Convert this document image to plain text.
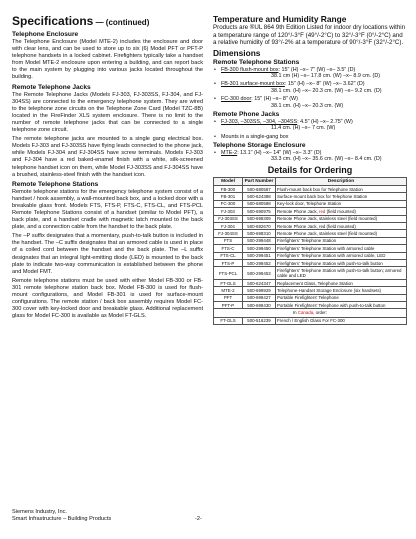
Specifications — (continued)
Telephone Enclosure

The Telephone Enclosure (Model MTE-2) includes the enclosure and door with clear lens, and can be used to store up to six (6) Model PFT or PFT-P telephone handsets in a locked cabinet. Firefighters typically take a handset from Model MTE-2 enclosure upon entering a building, and can report back to the main system by plugging into various jacks located throughout the building.

Remote Telephone Jacks

The Remote Telephone Jacks (Models FJ-303, FJ-303SS, FJ-304, and FJ-304SS) are connected to the emergency telephone system. They are wired to the telephone zone circuits on the Telephone Zone Card (Model TZC-8B) located in the FireFinder XLS system enclosure. There is no limit to the number of remote telephone jacks that can be connected to a single telephone zone circuit.

The remote telephone jacks are mounted to a single gang electrical box. Models FJ-303 and FJ-303SS have flying leads connected to the phone jack, while Models FJ-304 and FJ-304SS have screw terminals. Models FJ-303 and FJ-304 have a red baked-enamel finish with a white, silk-screened telephone handset icon on them, while Model FJ-303SS and FJ-304SS have a brushed, stainless-steel finish with the handset icon.

Remote Telephone Stations

Remote telephone stations for the emergency telephone system consist of a handset / hook assembly, a wall-mounted back box, and a locked door with a breakable glass front. Models FTS, FTS-P, FTS-C, FTS-CL, and FTS-PCL Remote Telephone Stations consist of a handset (similar to Model PFT), a back plate, and a handset cradle with magnetic latch mounted to the back plate, and a connection cable from the handset to the back plate.

The –P suffix designates that a momentary, push-to-talk button is included in the handset. The –C suffix designates that an armored cable is used in place of a coiled cord between the handset and the back plate. The –L suffix designates that an integral light-emitting diode (LED) is mounted to the back plate to indicate two-way communication is established between the phone and Model FMT.

Remote telephone stations must be used with either Model FB-300 or FB-301 remote telephone station back box. Model FB-300 is used for flush-mount configurations, and Model FB-301 is used for surface-mount configurations. The remote station / back box assembly requires Model FC-300 cover with key-locked door and breakable glass. Additional replacement glass for Model FC-300 is available as Model FT-GLS.

Temperature and Humidity Range

Products are ®UL 864 9th Edition Listed for indoor dry locations within a temperature range of 120°/-3°F (49°/-2°C) to 32°/-3°F (0°/-2°C) and a relative humidity of 93°/-2% at a temperature of 90°/-3°F (32°/-2°C).

Dimensions
Remote Telephone Stations
• FB-300 flush-mount box: 15" (H) –x– 7" (W) –x– 3.5" (D)
38.1 cm (H) –x– 17.8 cm. (W) –x– 8.9 cm. (D)
• FB-301 surface-mount box: 15" (H) –x– 8" (W) –x– 3.62" (D)
38.1 cm. (H) –x– 20.3 cm. (W) –x– 9.2 cm. (D)
• FC-300 door: 15" (H) –x– 8" (W)
38.1 cm. (H) –x– 20.3 cm. (W)
Remote Phone Jacks
• FJ-303, –303SS, –304, –304SS: 4.5" (H) –x– 2.75" (W)
11.4 cm. (H) –x– 7 cm. (W)
• Mounts in a single-gang box
Telephone Storage Enclosure
• MTE-2: 13.1" (H) –x– 14" (W) –x– 3.3" (D)
33.3 cm. (H) –x– 35.6 cm. (W) –x– 8.4 cm. (D)
Details for Ordering
Model	Part Number	Description
FB-300	500-680587	Flush-mount back box for Telephone Station
FB-301	500-624388	Surface-mount back box for Telephone Station
FC-300	500-680588	Key-lock door, Telephone Station
FJ-303	500-690975	Remote Phone Jack, red (field mounted)
FJ-303SS	500-698309	Remote Phone Jack, stainless steel (field mounted)
FJ-304	500-692670	Remote Phone Jack, red (field mounted)
FJ-304SS	500-698310	Remote Phone Jack, stainless steel (field mounted)
FTS	500-299448	Firefighters' Telephone Station
FTS-C	500-299450	Firefighters' Telephone Station with armored cable
FTS-CL	500-299451	Firefighters' Telephone Station with armored cable, LED
FTS-P	500-299452	Firefighters' Telephone Station with push-to-talk button
FTS-PCL	500-299453	Firefighters' Telephone Station with push-to-talk button; armored cable and LED
FT-GLS	500-624347	Replacement Glass, Telephone Station
MTE-2	500-699929	Telephone-Handset Storage Enclosure (six handsets)
PFT	500-699427	Portable Firefighters' Telephone
PFT-P	500-699430	Portable Firefighters' Telephone with push-to-talk button
In Canada, order:		
FT-GLS	500-516239	French / English Glass For FC-300
Siemens Industry, Inc.
Smart Infrastructure – Building Products	-2-
